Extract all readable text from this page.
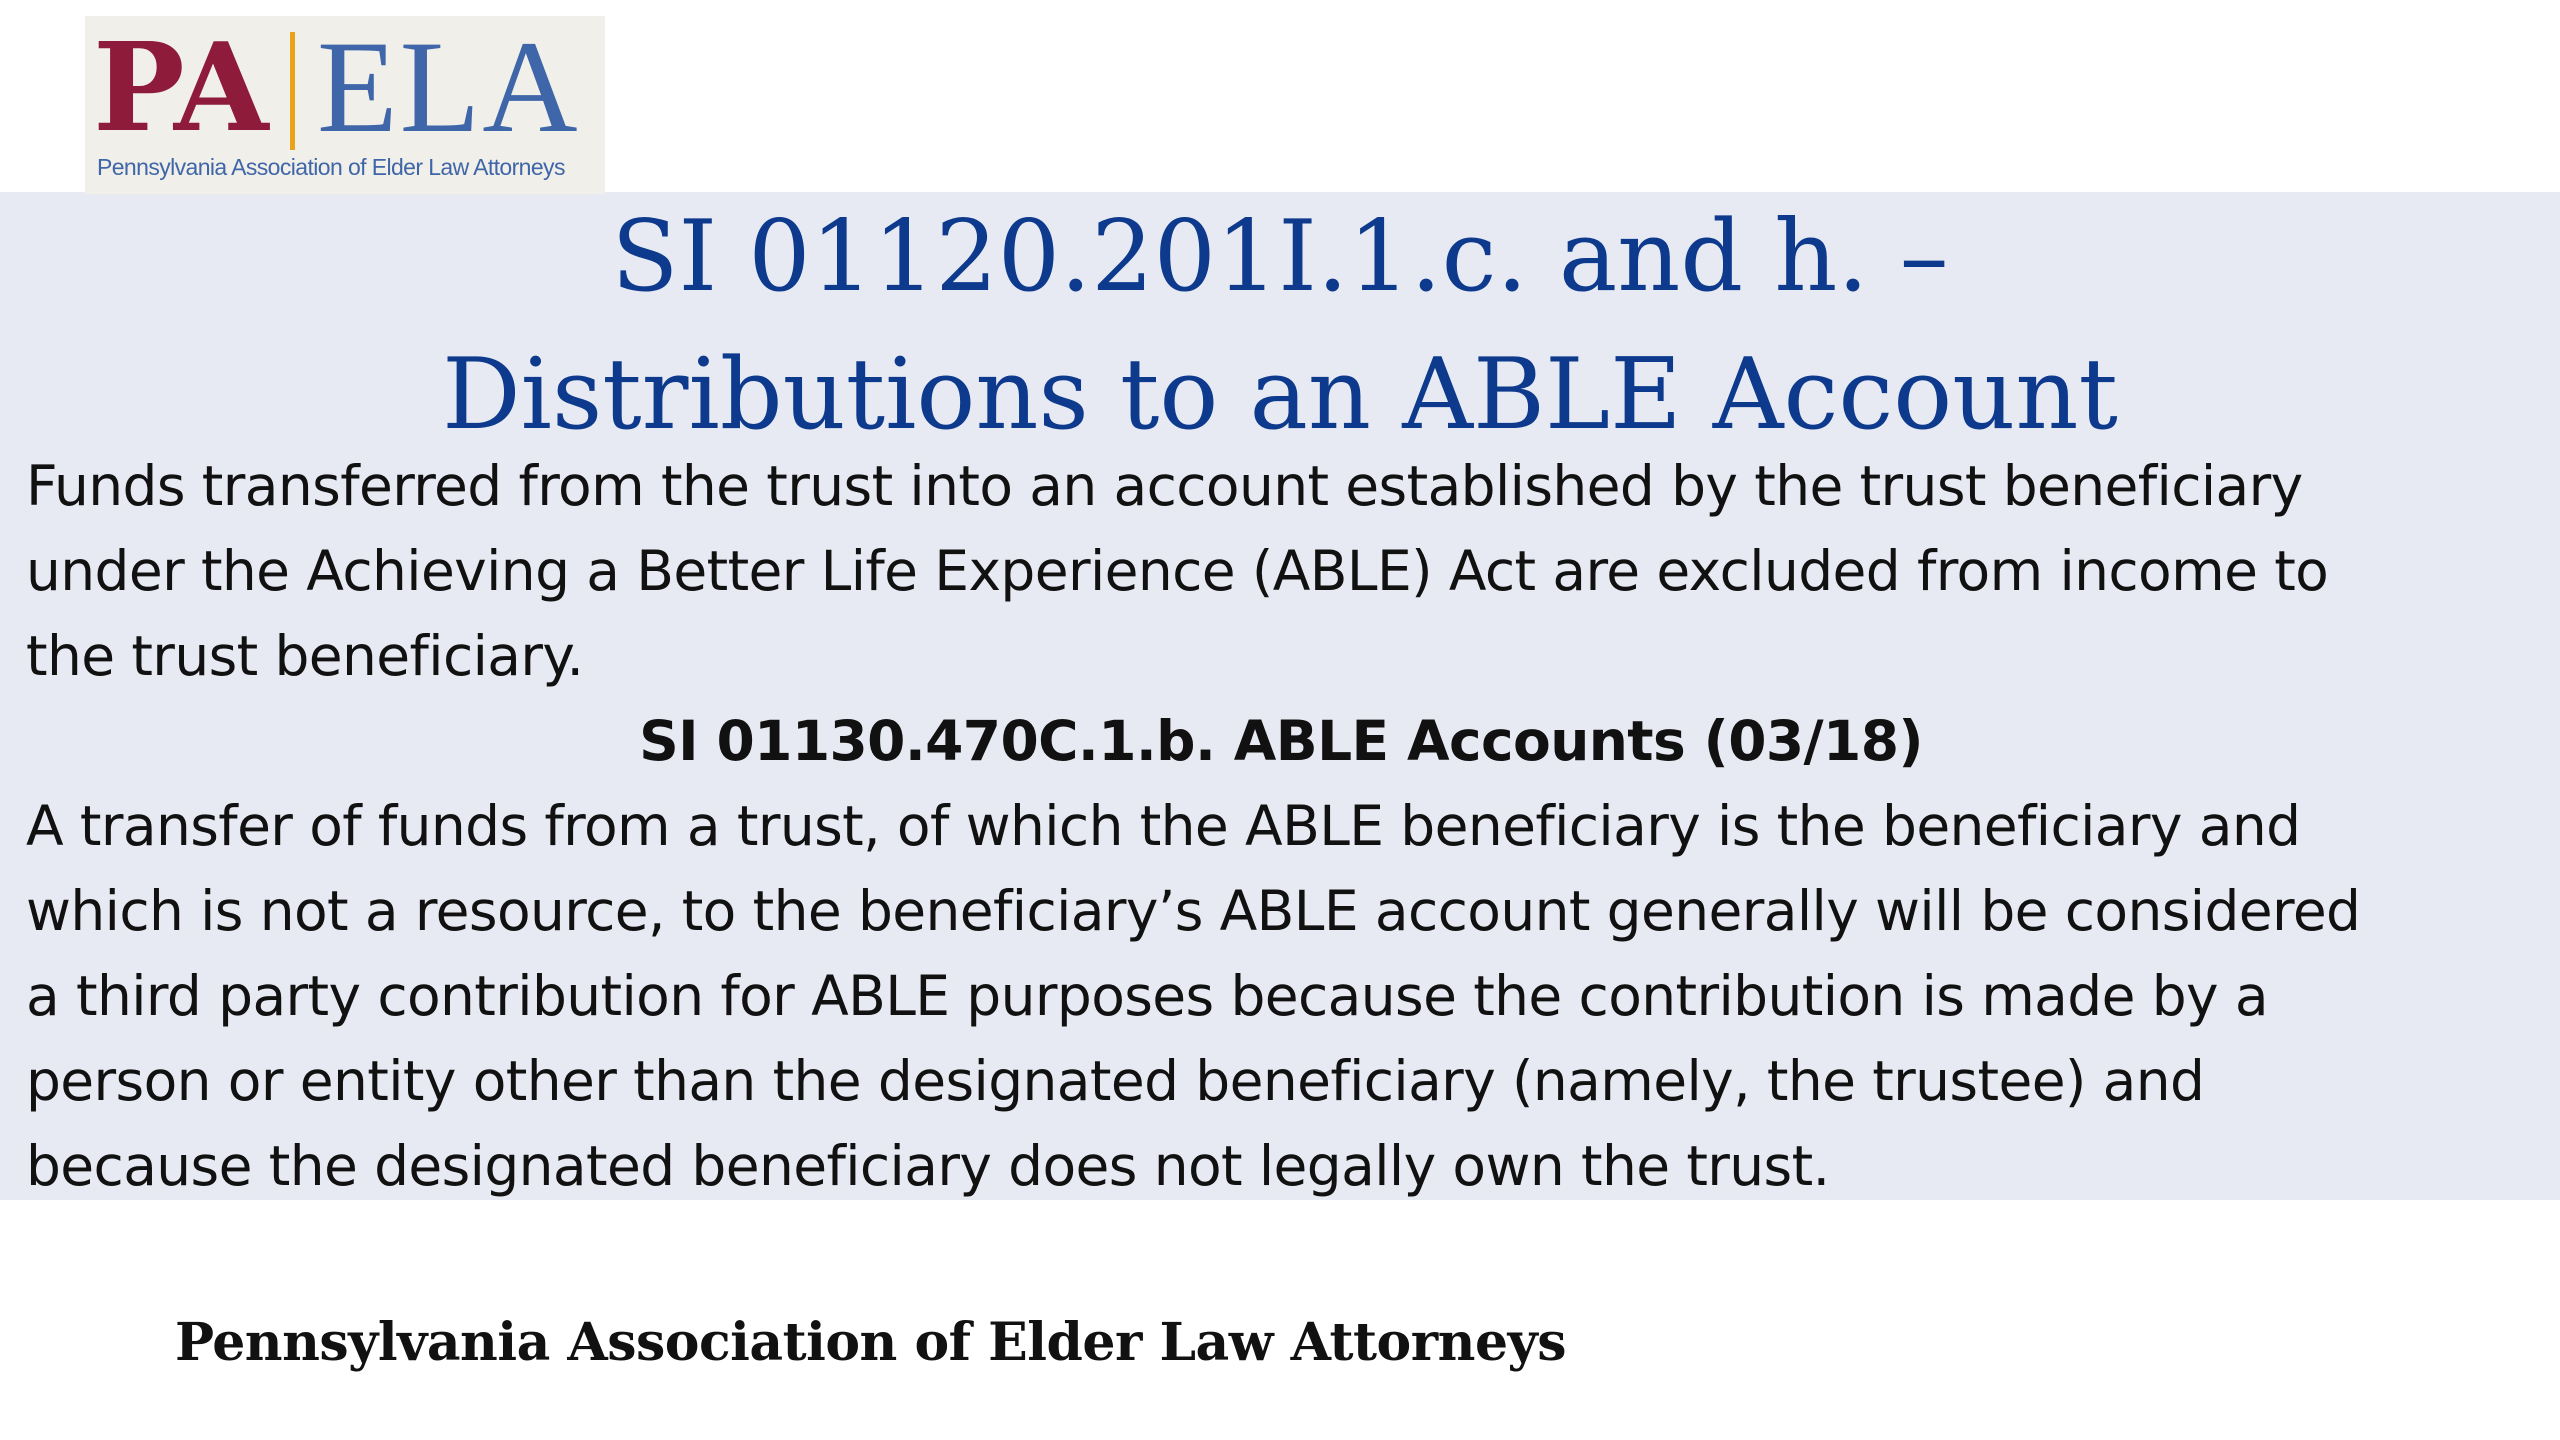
PA ELA
Pennsylvania Association of Elder Law Attorneys
SI 01120.201I.1.c. and h. –
Distributions to an ABLE Account
Funds transferred from the trust into an account established by the trust beneficiary
under the Achieving a Better Life Experience (ABLE) Act are excluded from income to
the trust beneficiary.
SI 01130.470C.1.b. ABLE Accounts (03/18)
A transfer of funds from a trust, of which the ABLE beneficiary is the beneficiary and
which is not a resource, to the beneficiary’s ABLE account generally will be considered
a third party contribution for ABLE purposes because the contribution is made by a
person or entity other than the designated beneficiary (namely, the trustee) and
because the designated beneficiary does not legally own the trust.
Pennsylvania Association of Elder Law Attorneys
